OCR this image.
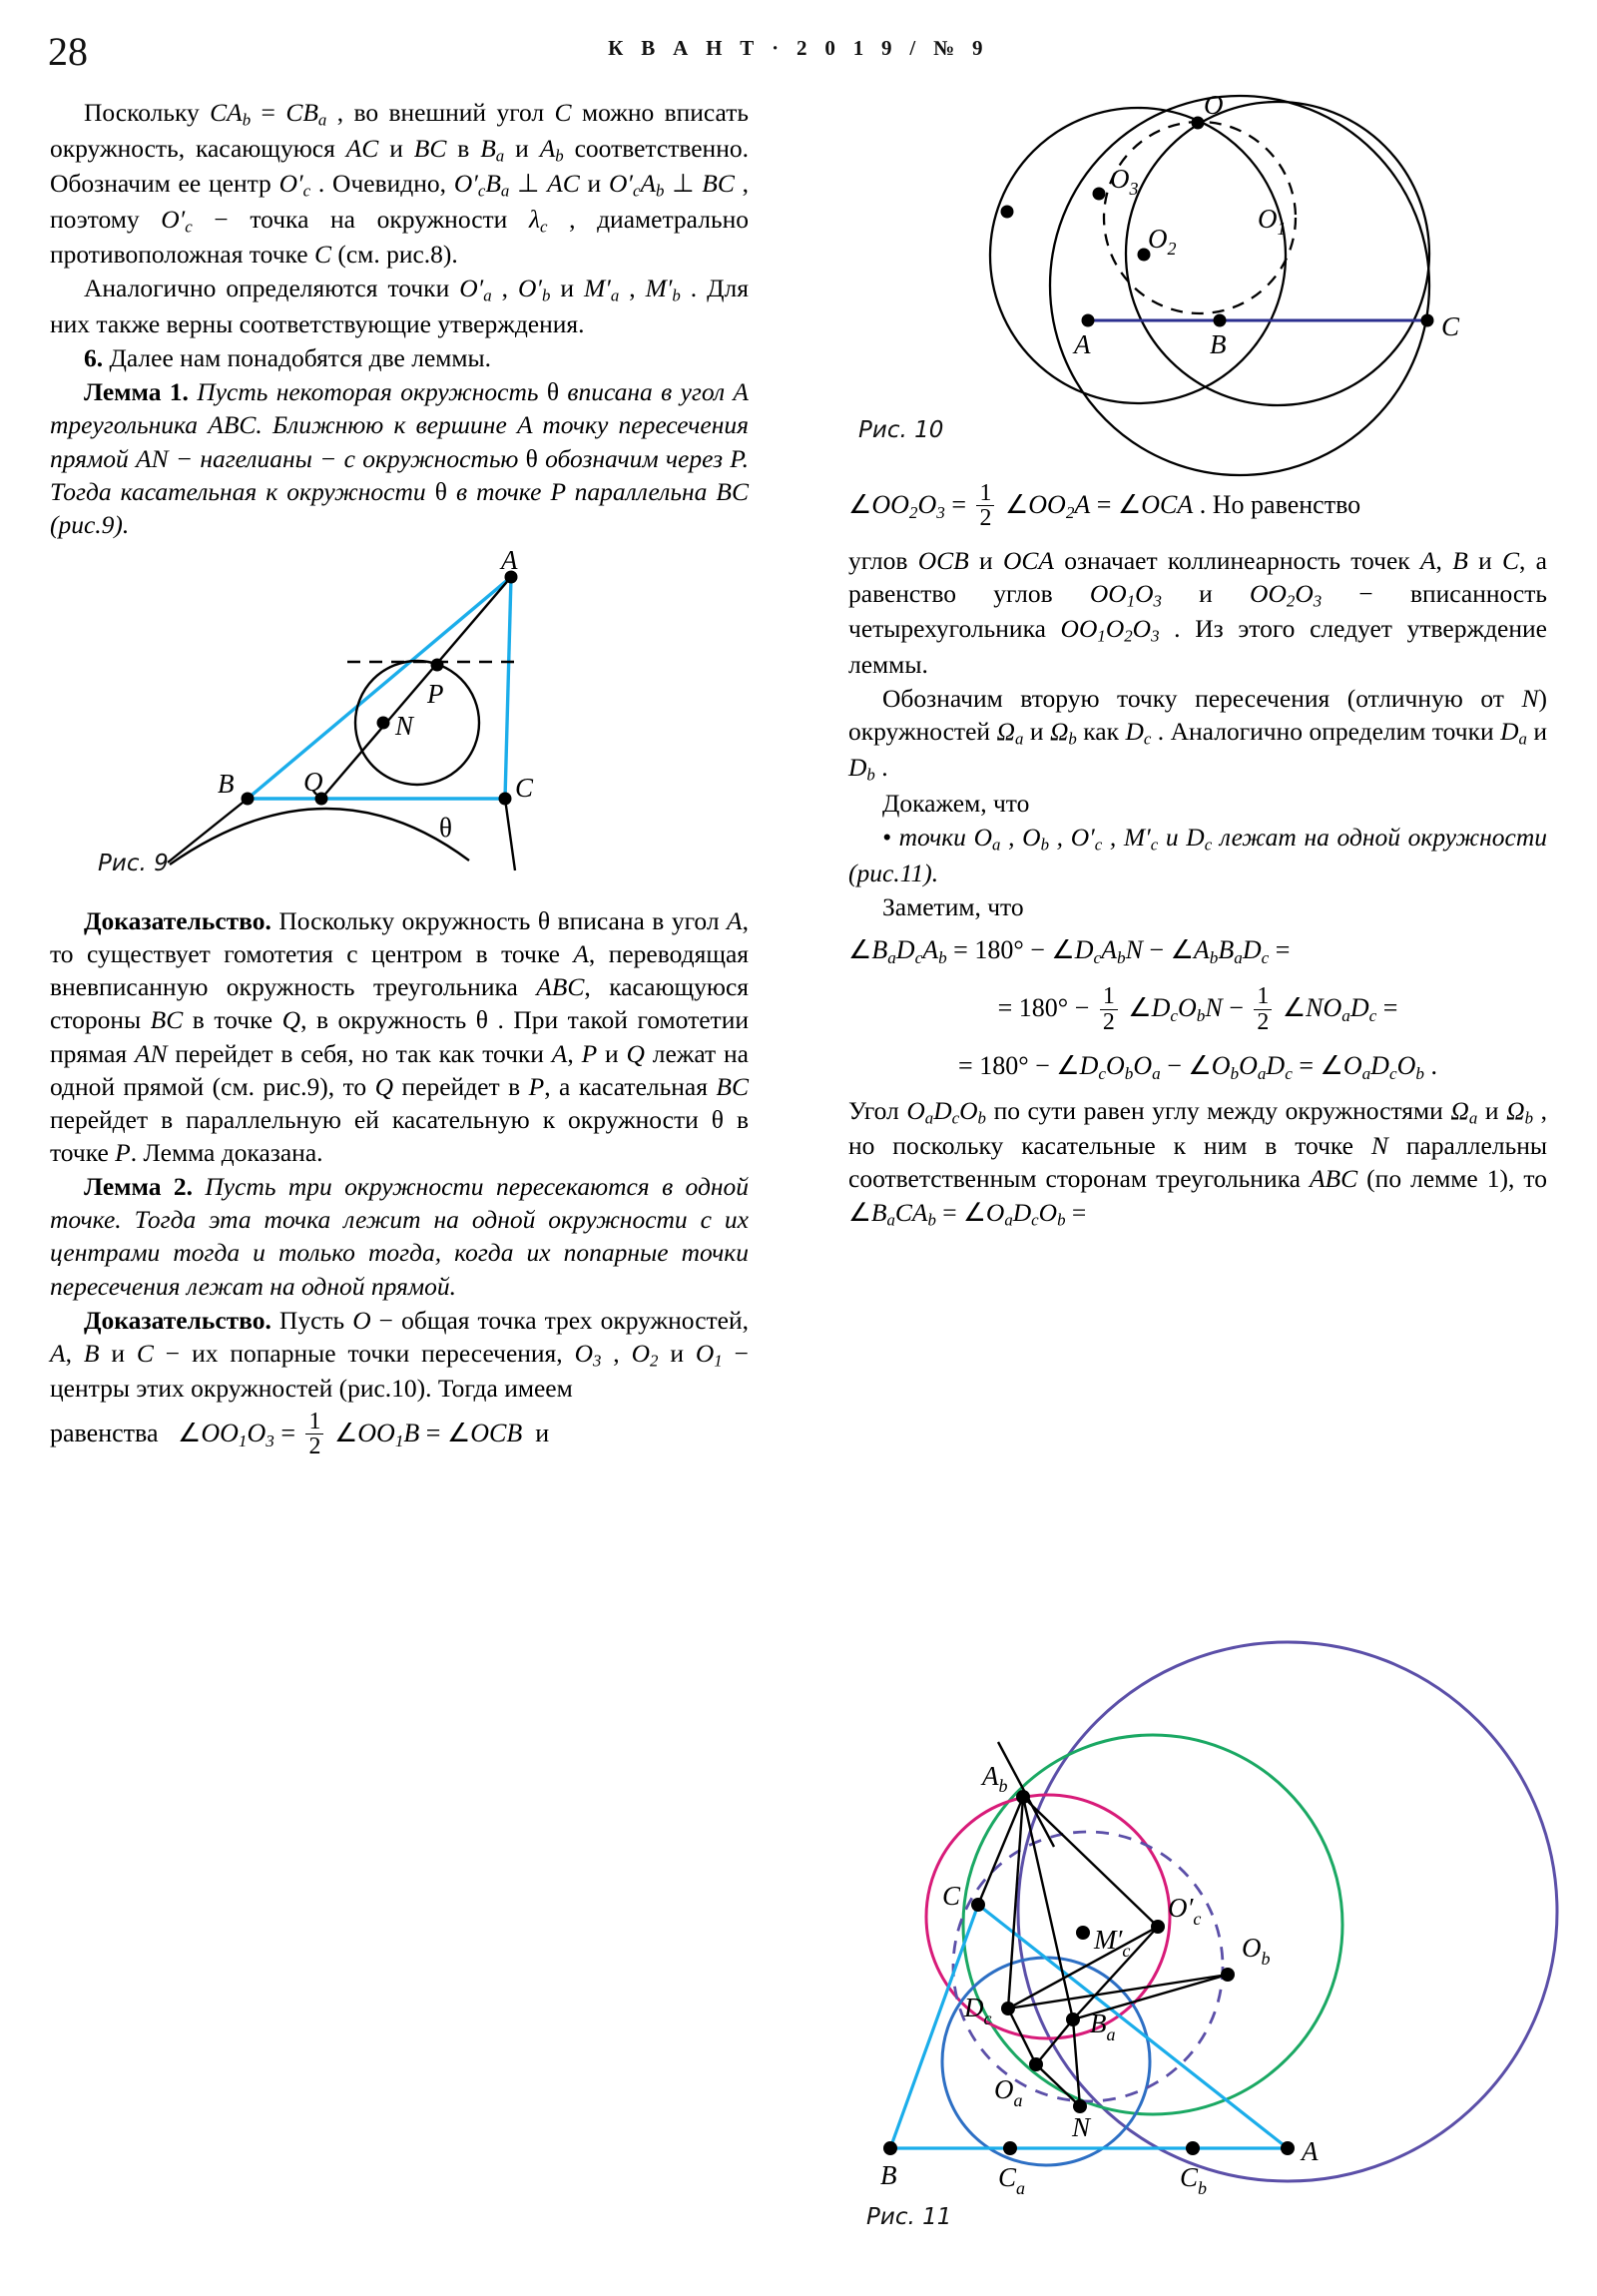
28	К В А Н Т · 2 0 1 9 / № 9

Поскольку $CA_b = CB_a$ , во внешний угол C можно вписать окружность, касающуюся AC и BC в $B_a$ и $A_b$ соответственно. Обозначим ее центр $O'_c$ . Очевидно, $O'_cB_a$ ⊥ AC и $O'_cA_b$ ⊥ BC , поэтому $O'_c$ − точка на окружности $\lambda_c$ , диаметрально противоположная точке C (см. рис.8).

Аналогично определяются точки $O'_a$ , $O'_b$ и $M'_a$ , $M'_b$ . Для них также верны соответствующие утверждения.

6. Далее нам понадобятся две леммы.

Лемма 1. Пусть некоторая окружность θ вписана в угол A треугольника ABC. Ближнюю к вершине A точку пересечения прямой AN − нагелианы − с окружностью θ обозначим через P. Тогда касательная к окружности θ в точке P параллельна BC (рис.9).

A
P
N
B	Q	C
θ
Рис. 9

Доказательство. Поскольку окружность θ вписана в угол A, то существует гомотетия с центром в точке A, переводящая вневписанную окружность треугольника ABC, касающуюся стороны BC в точке Q, в окружность θ . При такой гомотетии прямая AN перейдет в себя, но так как точки A, P и Q лежат на одной прямой (см. рис.9), то Q перейдет в P, а касательная BC перейдет в параллельную ей касательную к окружности θ в точке P. Лемма доказана.

Лемма 2. Пусть три окружности пересекаются в одной точке. Тогда эта точка лежит на одной окружности с их центрами тогда и только тогда, когда их попарные точки пересечения лежат на одной прямой.

Доказательство. Пусть O − общая точка трех окружностей, A, B и C − их попарные точки пересечения, $O_3$ , $O_2$ и $O_1$ − центры этих окружностей (рис.10). Тогда имеем

равенства   $\angle OO_1O_3 = \frac{1}{2}$ $\angle OO_1B$ = ∠OCB  и
O
$O_3$
$O_2$
$O_1$
A	B
C
Рис. 10
$\angle OO_2O_3 = \frac{1}{2}$ $\angle OO_2A$ = ∠OCA . Но равенство

углов OCB и OCA означает коллинеарность точек A, B и C, а равенство углов $OO_1O_3$ и $OO_2O_3$ − вписанность четырехугольника $OO_1O_2O_3$ . Из этого следует утверждение леммы.

Обозначим вторую точку пересечения (отличную от N) окружностей $\Omega_a$ и $\Omega_b$ как $D_c$ . Аналогично определим точки $D_a$ и $D_b$ .

Докажем, что

• точки $O_a$ , $O_b$ , $O'_c$ , $M'_c$ и $D_c$ лежат на одной окружности (рис.11).

Заметим, что

$\angle B_aD_cA_b = 180^\circ$ − $\angle D_cA_bN$ − $\angle A_bB_aD_c$ =
= $180^\circ - \frac{1}{2}$ $\angle D_cO_bN - \frac{1}{2}$ $\angle NO_aD_c$ =
= $180^\circ - \angle D_cO_bO_a$ − $\angle O_bO_aD_c$ = $\angle O_aD_cO_b$ .

Угол $O_aD_cO_b$ по сути равен углу между окружностями $\Omega_a$ и $\Omega_b$ , но поскольку касательные к ним в точке N параллельны соответственным сторонам треугольника ABC (по лемме 1), то $\angle B_aCA_b$ = $\angle O_aD_cO_b$ =

$A_b$
$O'_c$
$O_b$
$M'_c$
C
$D_c$	$B_a$
$O_a$
N
B	$C_a$	$C_b$
A
Рис. 11
